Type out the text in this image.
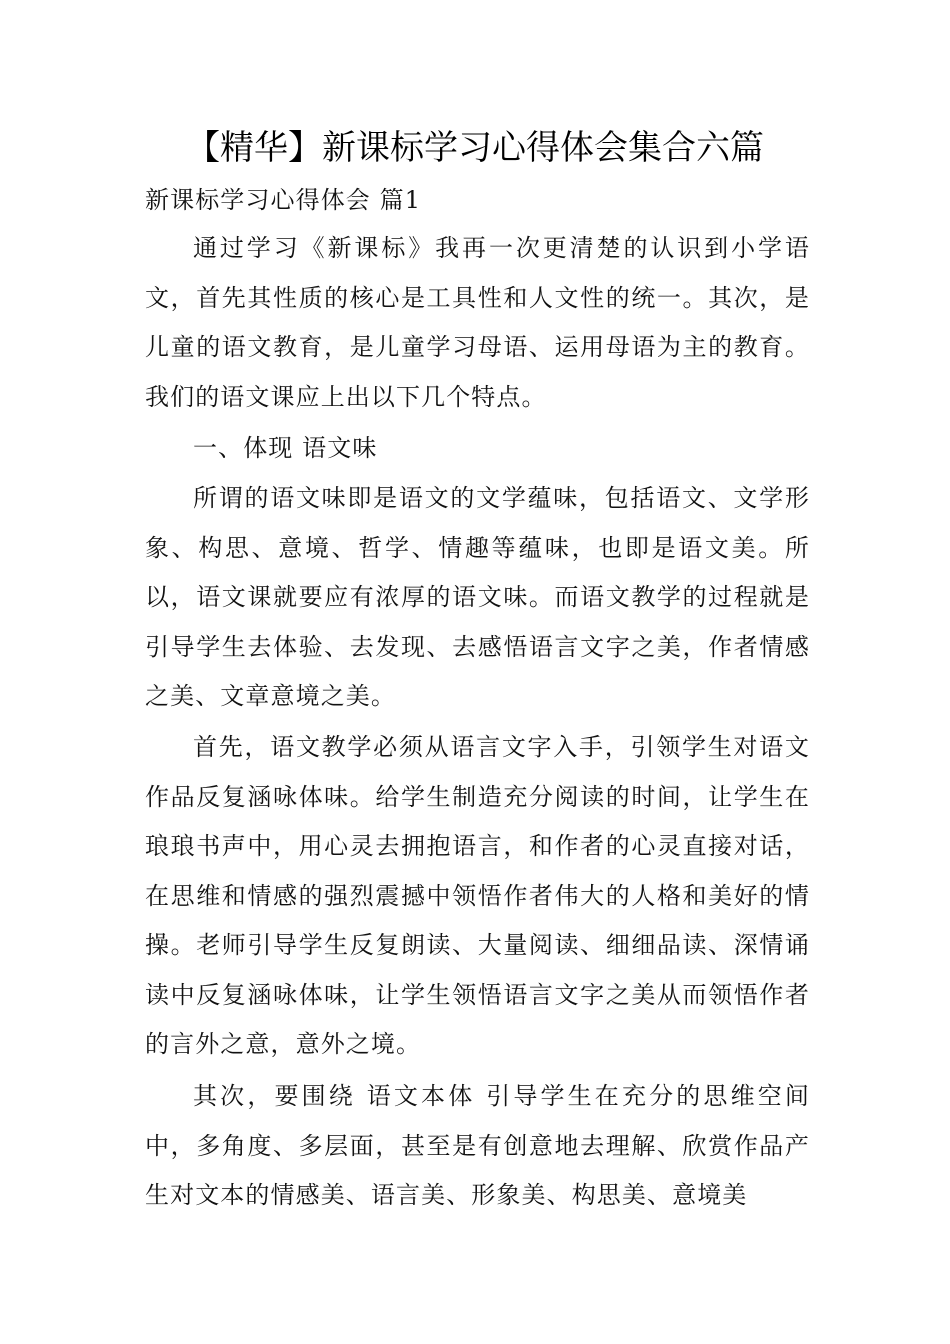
【精华】新课标学习心得体会集合六篇
新课标学习心得体会 篇1

通过学习《新课标》我再一次更清楚的认识到小学语文，首先其性质的核心是工具性和人文性的统一。其次，是儿童的语文教育，是儿童学习母语、运用母语为主的教育。我们的语文课应上出以下几个特点。

一、体现 语文味

所谓的语文味即是语文的文学蕴味，包括语文、文学形象、构思、意境、哲学、情趣等蕴味，也即是语文美。所以，语文课就要应有浓厚的语文味。而语文教学的过程就是引导学生去体验、去发现、去感悟语言文字之美，作者情感之美、文章意境之美。

首先，语文教学必须从语言文字入手，引领学生对语文作品反复涵咏体味。给学生制造充分阅读的时间，让学生在琅琅书声中，用心灵去拥抱语言，和作者的心灵直接对话，在思维和情感的强烈震撼中领悟作者伟大的人格和美好的情操。老师引导学生反复朗读、大量阅读、细细品读、深情诵读中反复涵咏体味，让学生领悟语言文字之美从而领悟作者的言外之意，意外之境。

其次，要围绕 语文本体 引导学生在充分的思维空间中，多角度、多层面，甚至是有创意地去理解、欣赏作品产生对文本的情感美、语言美、形象美、构思美、意境美
